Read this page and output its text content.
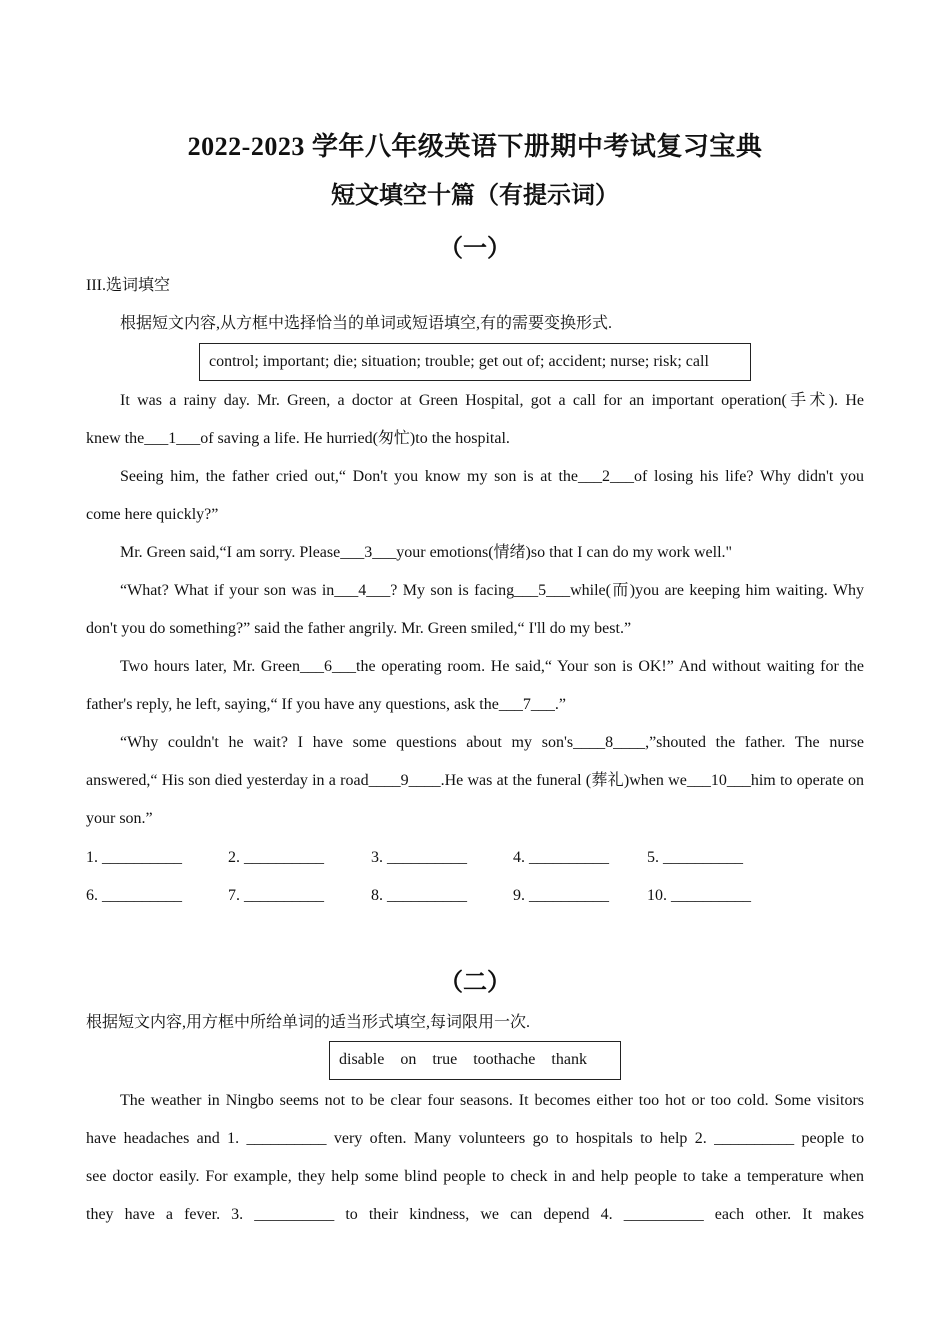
2022-2023 学年八年级英语下册期中考试复习宝典
短文填空十篇（有提示词）
（一）
III.选词填空
根据短文内容,从方框中选择恰当的单词或短语填空,有的需要变换形式.
control; important; die; situation; trouble; get out of; accident; nurse; risk; call
It was a rainy day. Mr. Green, a doctor at Green Hospital, got a call for an important operation(手术). He
knew the___1___of saving a life. He hurried(匆忙)to the hospital.
Seeing him, the father cried out,“ Don't you know my son is at the___2___of losing his life? Why didn't you
come here quickly?”
Mr. Green said,“I am sorry. Please___3___your emotions(情绪)so that I can do my work well."
“What? What if your son was in___4___? My son is facing___5___while(而)you are keeping him waiting. Why
don't you do something?” said the father angrily. Mr. Green smiled,“ I'll do my best.”
Two hours later, Mr. Green___6___the operating room. He said,“ Your son is OK!” And without waiting for the
father's reply, he left, saying,“ If you have any questions, ask the___7___.”
“Why couldn't he wait? I have some questions about my son's____8____,”shouted the father. The nurse
answered,“ His son died yesterday in a road____9____.He was at the funeral (葬礼)when we___10___him to operate on
your son.”
1. __________	2. __________	3. __________	4. __________ 5. __________
6. __________	7. __________	8. __________	9. __________ 10. __________
（二）
根据短文内容,用方框中所给单词的适当形式填空,每词限用一次.
disable    on    true    toothache    thank
The weather in Ningbo seems not to be clear four seasons. It becomes either too hot or too cold. Some visitors
have headaches and 1. __________ very often. Many volunteers go to hospitals to help 2. __________ people to
see doctor easily. For example, they help some blind people to check in and help people to take a temperature when
they have a fever. 3. __________ to their kindness, we can depend 4. __________ each other. It makes
